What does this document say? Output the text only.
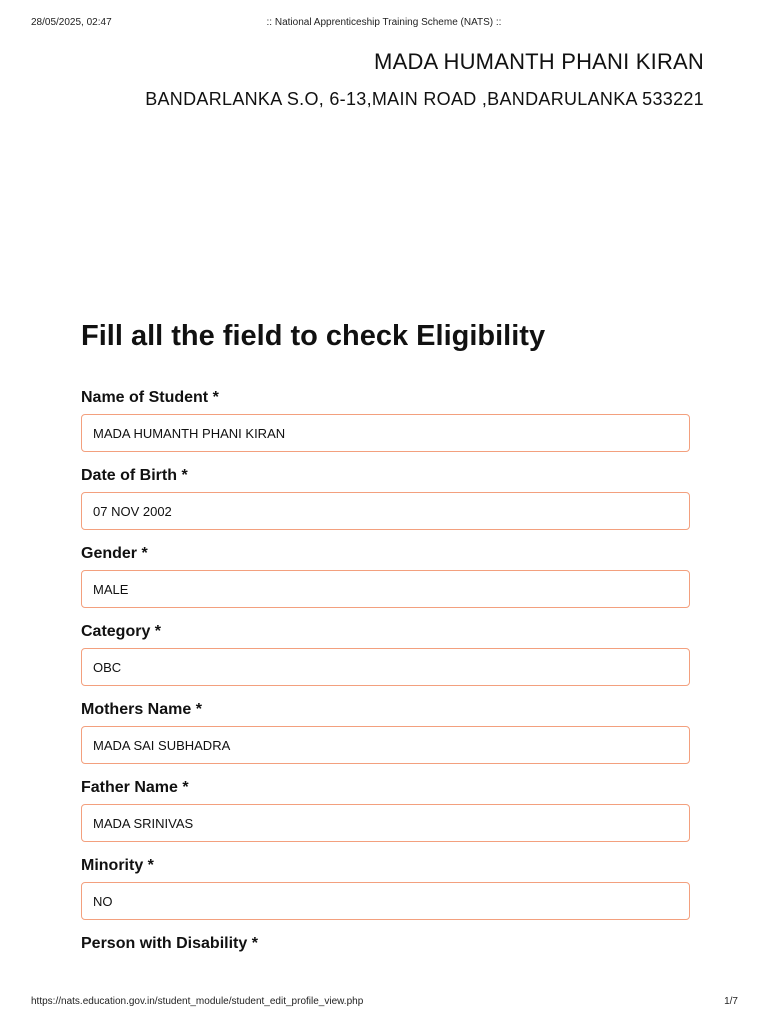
28/05/2025, 02:47	:: National Apprenticeship Training Scheme (NATS) ::
MADA HUMANTH PHANI KIRAN
BANDARLANKA S.O, 6-13,MAIN ROAD ,BANDARULANKA 533221
Fill all the field to check Eligibility
Name of Student *
MADA HUMANTH PHANI KIRAN
Date of Birth *
07 NOV 2002
Gender *
MALE
Category *
OBC
Mothers Name *
MADA SAI SUBHADRA
Father Name *
MADA SRINIVAS
Minority *
NO
Person with Disability *
https://nats.education.gov.in/student_module/student_edit_profile_view.php	1/7
